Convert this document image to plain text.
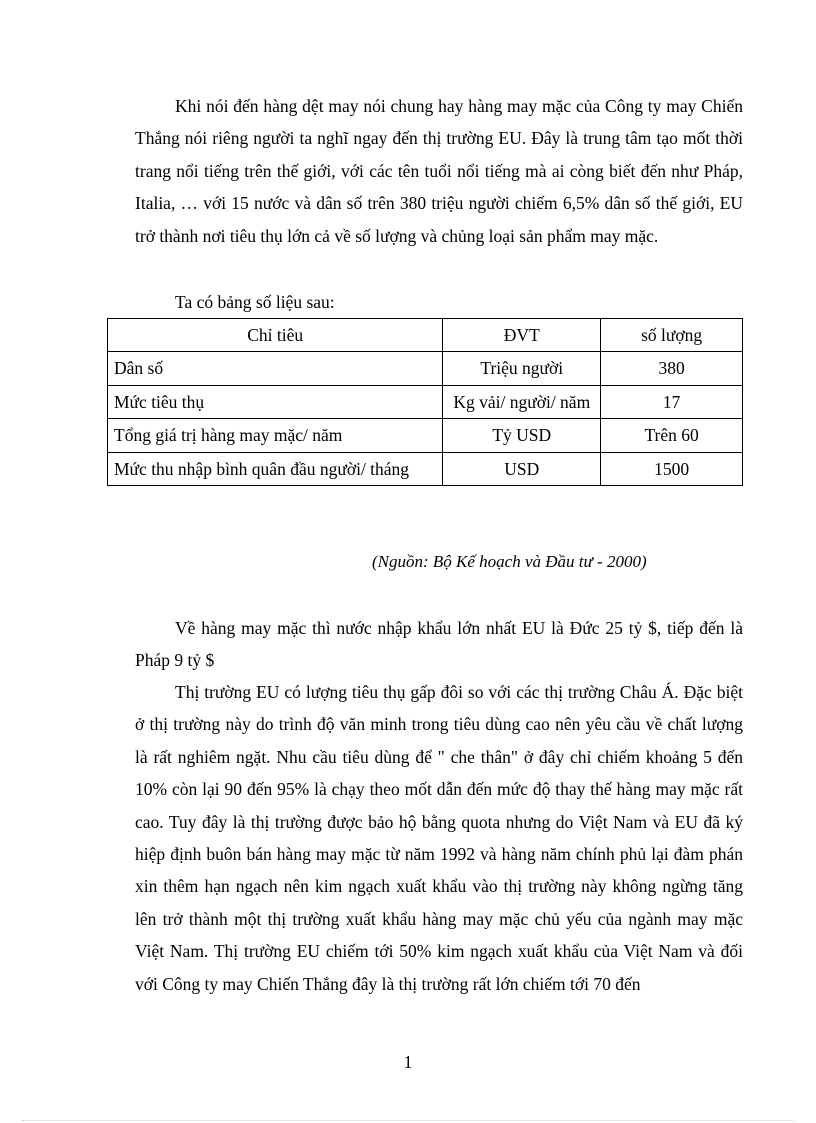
Khi nói đến hàng dệt may nói chung hay hàng may mặc của Công ty may Chiến Thắng nói riêng người ta nghĩ ngay đến thị trường EU. Đây là trung tâm tạo mốt thời trang nổi tiếng trên thế giới, với các tên tuổi nổi tiếng mà ai còng biết đến như Pháp, Italia, … với 15 nước và dân số trên 380 triệu người chiếm 6,5% dân số thế giới, EU trở thành nơi tiêu thụ lớn cả về số lượng và chủng loại sản phẩm may mặc.

Ta có bảng số liệu sau:

Chỉ tiêu	ĐVT	số lượng
Dân số	Triệu người	380
Mức tiêu thụ	Kg vải/ người/ năm	17
Tổng giá trị hàng may mặc/ năm	Tỷ USD	Trên 60
Mức thu nhập bình quân đầu người/ tháng	USD	1500
(Nguồn: Bộ Kế hoạch và Đầu tư - 2000)

Về hàng may mặc thì nước nhập khẩu lớn nhất EU là Đức 25 tỷ $, tiếp đến là Pháp 9 tỷ $

Thị trường EU có lượng tiêu thụ gấp đôi so với các thị trường Châu Á. Đặc biệt ở thị trường này do trình độ văn minh trong tiêu dùng cao nên yêu cầu về chất lượng là rất nghiêm ngặt. Nhu cầu tiêu dùng để " che thân" ở đây chỉ chiếm khoảng 5 đến 10% còn lại 90 đến 95% là chạy theo mốt dẫn đến mức độ thay thế hàng may mặc rất cao. Tuy đây là thị trường được bảo hộ bằng quota nhưng do Việt Nam và EU đã ký hiệp định buôn bán hàng may mặc từ năm 1992 và hàng năm chính phủ lại đàm phán xin thêm hạn ngạch nên kim ngạch xuất khẩu vào thị trường này không ngừng tăng lên trở thành một thị trường xuất khẩu hàng may mặc chủ yếu của ngành may mặc Việt Nam. Thị trường EU chiếm tới 50% kim ngạch xuất khẩu của Việt Nam và đối với Công ty may Chiến Thắng đây là thị trường rất lớn chiếm tới 70 đến

1
